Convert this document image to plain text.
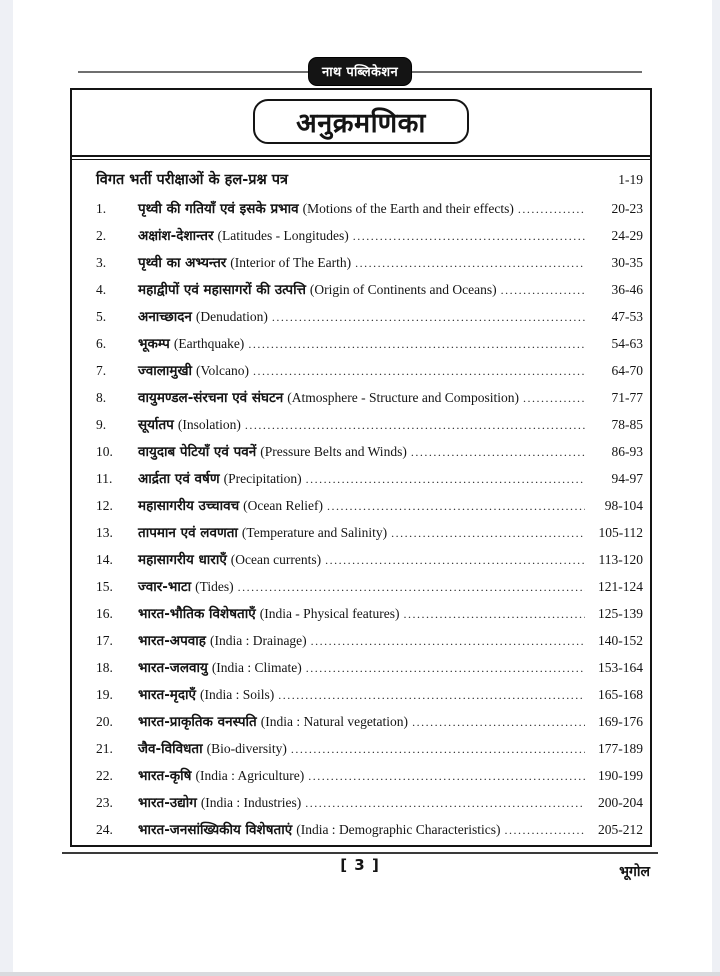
नाथ पब्लिकेशन
अनुक्रमणिका
विगत भर्ती परीक्षाओं के हल-प्रश्न पत्र	1-19
1.	पृथ्वी की गतियाँ एवं इसके प्रभाव (Motions of the Earth and their effects) .....	20-23
2.	अक्षांश-देशान्तर (Latitudes - Longitudes) .....	24-29
3.	पृथ्वी का अभ्यन्तर (Interior of The Earth) .....	30-35
4.	महाद्वीपों एवं महासागरों की उत्पत्ति (Origin of Continents and Oceans) .....	36-46
5.	अनाच्छादन (Denudation) .....	47-53
6.	भूकम्प (Earthquake) .....	54-63
7.	ज्वालामुखी (Volcano) .....	64-70
8.	वायुमण्डल-संरचना एवं संघटन (Atmosphere - Structure and Composition) .....	71-77
9.	सूर्यातप (Insolation) .....	78-85
10.	वायुदाब पेटियाँ एवं पवनें (Pressure Belts and Winds) .....	86-93
11.	आर्द्रता एवं वर्षण (Precipitation) .....	94-97
12.	महासागरीय उच्चावच (Ocean Relief) .....	98-104
13.	तापमान एवं लवणता (Temperature and Salinity) .....	105-112
14.	महासागरीय धाराएँ (Ocean currents) .....	113-120
15.	ज्वार-भाटा (Tides) .....	121-124
16.	भारत-भौतिक विशेषताएँ (India - Physical features) .....	125-139
17.	भारत-अपवाह (India : Drainage) .....	140-152
18.	भारत-जलवायु (India : Climate) .....	153-164
19.	भारत-मृदाएँ (India : Soils) .....	165-168
20.	भारत-प्राकृतिक वनस्पति (India : Natural vegetation) .....	169-176
21.	जैव-विविधता (Bio-diversity) .....	177-189
22.	भारत-कृषि (India : Agriculture) .....	190-199
23.	भारत-उद्योग (India : Industries) .....	200-204
24.	भारत-जनसांख्यिकीय विशेषताएं (India : Demographic Characteristics) .....	205-212
[ 3 ]	भूगोल
